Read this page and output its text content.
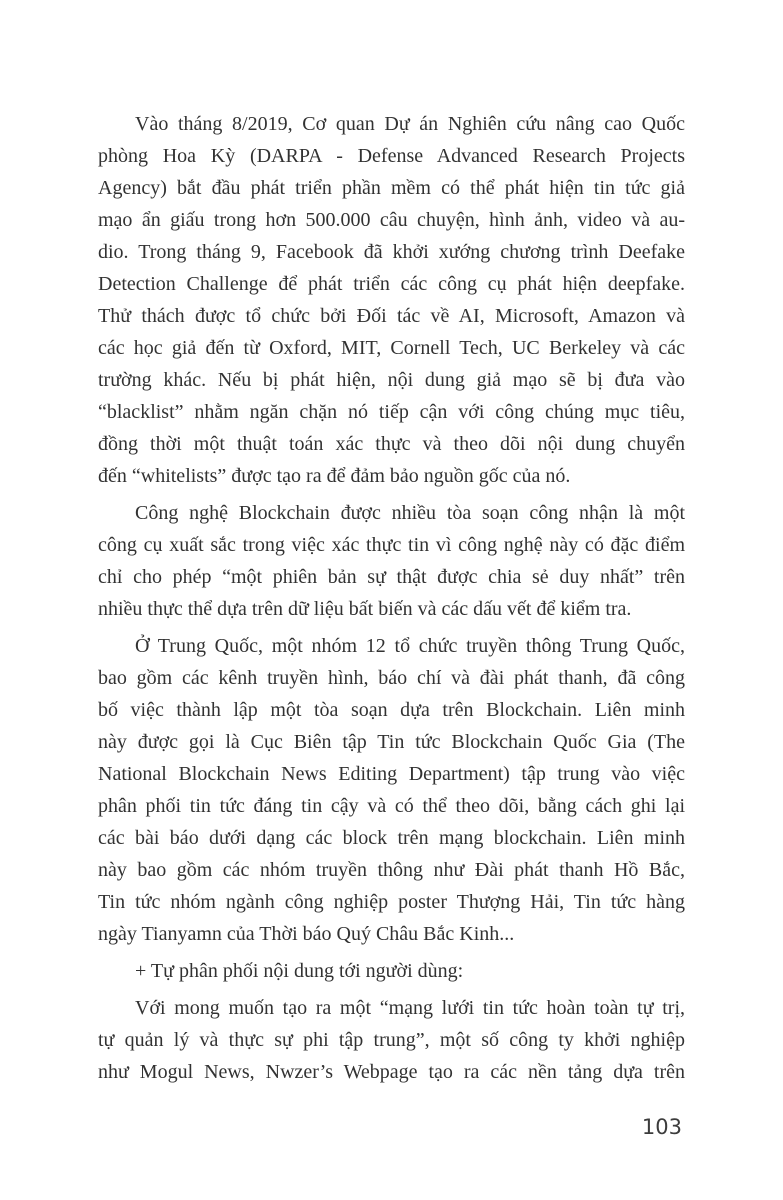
Vào tháng 8/2019, Cơ quan Dự án Nghiên cứu nâng cao Quốc
phòng Hoa Kỳ (DARPA - Defense Advanced Research Projects
Agency) bắt đầu phát triển phần mềm có thể phát hiện tin tức giả
mạo ẩn giấu trong hơn 500.000 câu chuyện, hình ảnh, video và au-
dio. Trong tháng 9, Facebook đã khởi xướng chương trình Deefake
Detection Challenge để phát triển các công cụ phát hiện deepfake.
Thử thách được tổ chức bởi Đối tác về AI, Microsoft, Amazon và
các học giả đến từ Oxford, MIT, Cornell Tech, UC Berkeley và các
trường khác. Nếu bị phát hiện, nội dung giả mạo sẽ bị đưa vào
“blacklist” nhằm ngăn chặn nó tiếp cận với công chúng mục tiêu,
đồng thời một thuật toán xác thực và theo dõi nội dung chuyển
đến “whitelists” được tạo ra để đảm bảo nguồn gốc của nó.
Công nghệ Blockchain được nhiều tòa soạn công nhận là một
công cụ xuất sắc trong việc xác thực tin vì công nghệ này có đặc điểm
chỉ cho phép “một phiên bản sự thật được chia sẻ duy nhất” trên
nhiều thực thể dựa trên dữ liệu bất biến và các dấu vết để kiểm tra.
Ở Trung Quốc, một nhóm 12 tổ chức truyền thông Trung Quốc,
bao gồm các kênh truyền hình, báo chí và đài phát thanh, đã công
bố việc thành lập một tòa soạn dựa trên Blockchain. Liên minh
này được gọi là Cục Biên tập Tin tức Blockchain Quốc Gia (The
National Blockchain News Editing Department) tập trung vào việc
phân phối tin tức đáng tin cậy và có thể theo dõi, bằng cách ghi lại
các bài báo dưới dạng các block trên mạng blockchain. Liên minh
này bao gồm các nhóm truyền thông như Đài phát thanh Hồ Bắc,
Tin tức nhóm ngành công nghiệp poster Thượng Hải, Tin tức hàng
ngày Tianyamn của Thời báo Quý Châu Bắc Kinh...
+ Tự phân phối nội dung tới người dùng:
Với mong muốn tạo ra một “mạng lưới tin tức hoàn toàn tự trị,
tự quản lý và thực sự phi tập trung”, một số công ty khởi nghiệp
như Mogul News, Nwzer’s Webpage tạo ra các nền tảng dựa trên
103
